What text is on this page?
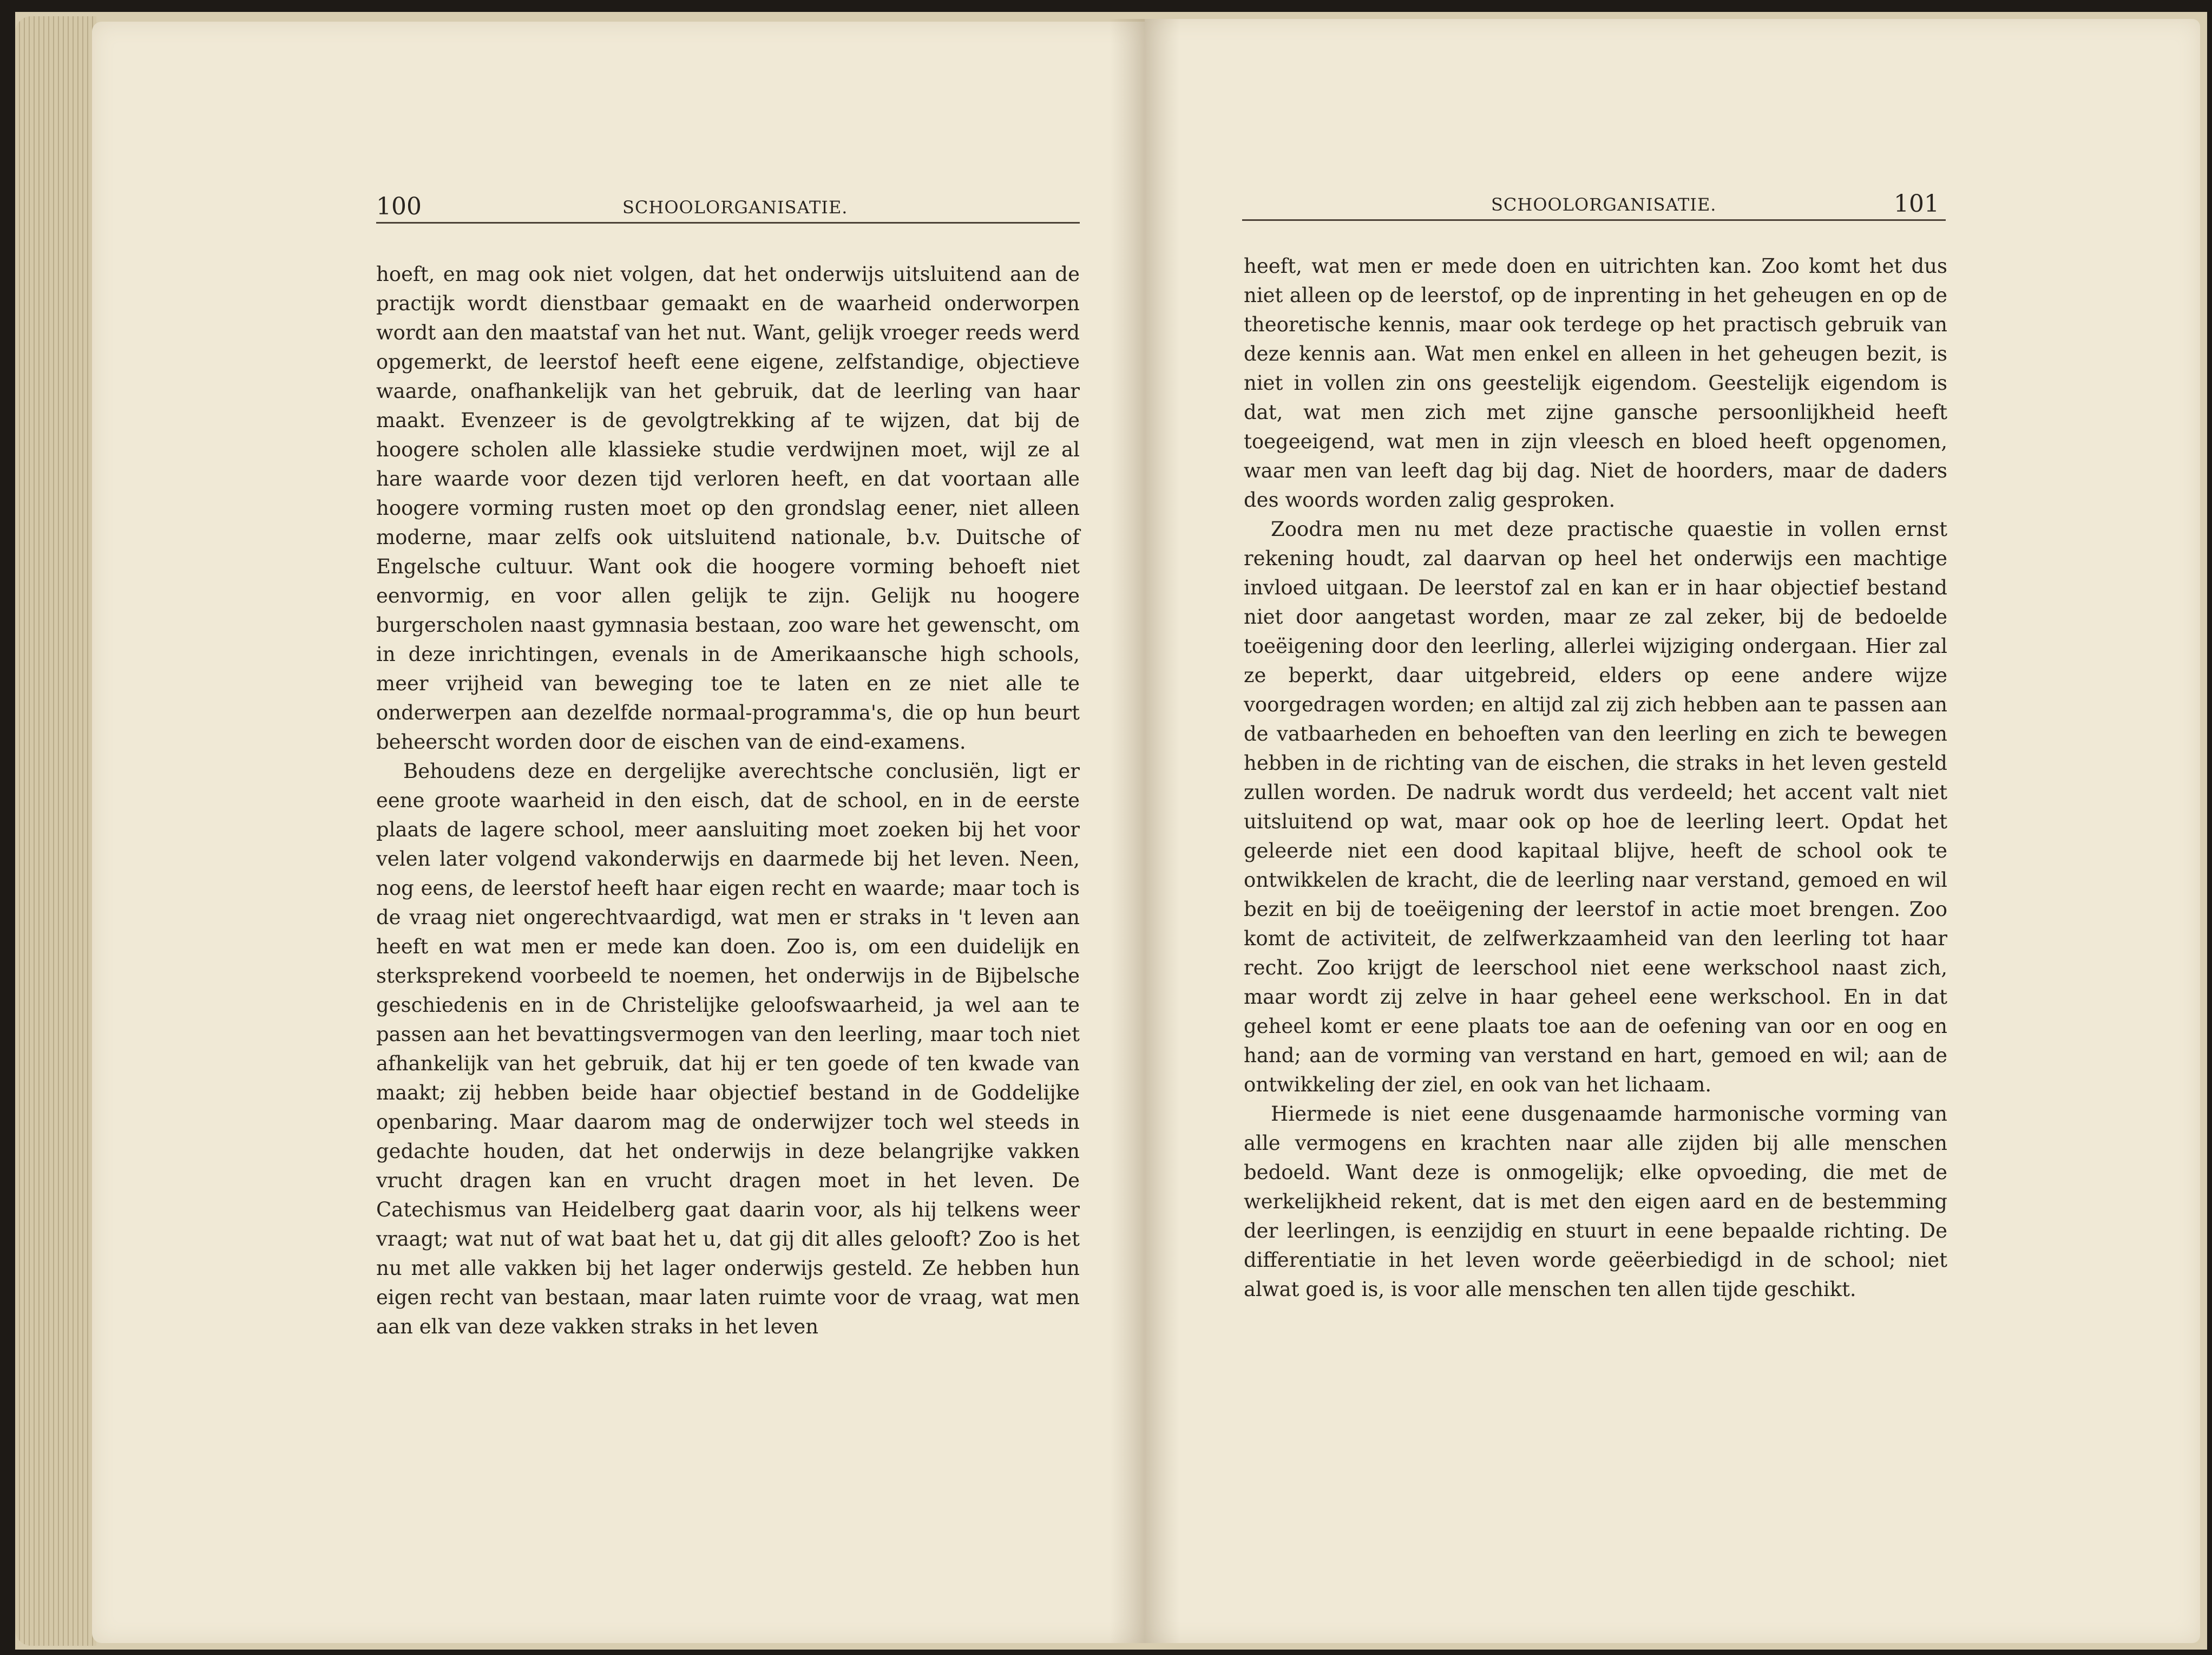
100	SCHOOLORGANISATIE.

hoeft, en mag ook niet volgen, dat het onderwijs uitsluitend aan de practijk wordt dienstbaar gemaakt en de waarheid onderworpen wordt aan den maatstaf van het nut. Want, gelijk vroeger reeds werd opgemerkt, de leerstof heeft eene eigene, zelfstandige, objectieve waarde, onafhankelijk van het gebruik, dat de leerling van haar maakt. Evenzeer is de gevolgtrekking af te wijzen, dat bij de hoogere scholen alle klassieke studie verdwijnen moet, wijl ze al hare waarde voor dezen tijd verloren heeft, en dat voortaan alle hoogere vorming rusten moet op den grondslag eener, niet alleen moderne, maar zelfs ook uitsluitend nationale, b.v. Duitsche of Engelsche cultuur. Want ook die hoogere vorming behoeft niet eenvormig, en voor allen gelijk te zijn. Gelijk nu hoogere burgerscholen naast gymnasia bestaan, zoo ware het gewenscht, om in deze inrichtingen, evenals in de Amerikaansche high schools, meer vrijheid van beweging toe te laten en ze niet alle te onderwerpen aan dezelfde normaal-programma's, die op hun beurt beheerscht worden door de eischen van de eind-examens.

Behoudens deze en dergelijke averechtsche conclusiën, ligt er eene groote waarheid in den eisch, dat de school, en in de eerste plaats de lagere school, meer aansluiting moet zoeken bij het voor velen later volgend vakonderwijs en daarmede bij het leven. Neen, nog eens, de leerstof heeft haar eigen recht en waarde; maar toch is de vraag niet ongerechtvaardigd, wat men er straks in 't leven aan heeft en wat men er mede kan doen. Zoo is, om een duidelijk en sterksprekend voorbeeld te noemen, het onderwijs in de Bijbelsche geschiedenis en in de Christelijke geloofswaarheid, ja wel aan te passen aan het bevattingsvermogen van den leerling, maar toch niet afhankelijk van het gebruik, dat hij er ten goede of ten kwade van maakt; zij hebben beide haar objectief bestand in de Goddelijke openbaring. Maar daarom mag de onderwijzer toch wel steeds in gedachte houden, dat het onderwijs in deze belangrijke vakken vrucht dragen kan en vrucht dragen moet in het leven. De Catechismus van Heidelberg gaat daarin voor, als hij telkens weer vraagt; wat nut of wat baat het u, dat gij dit alles gelooft? Zoo is het nu met alle vakken bij het lager onderwijs gesteld. Ze hebben hun eigen recht van bestaan, maar laten ruimte voor de vraag, wat men aan elk van deze vakken straks in het leven

SCHOOLORGANISATIE.	101

heeft, wat men er mede doen en uitrichten kan. Zoo komt het dus niet alleen op de leerstof, op de inprenting in het geheugen en op de theoretische kennis, maar ook terdege op het practisch gebruik van deze kennis aan. Wat men enkel en alleen in het geheugen bezit, is niet in vollen zin ons geestelijk eigendom. Geestelijk eigendom is dat, wat men zich met zijne gansche persoonlijkheid heeft toegeeigend, wat men in zijn vleesch en bloed heeft opgenomen, waar men van leeft dag bij dag. Niet de hoorders, maar de daders des woords worden zalig gesproken.

Zoodra men nu met deze practische quaestie in vollen ernst rekening houdt, zal daarvan op heel het onderwijs een machtige invloed uitgaan. De leerstof zal en kan er in haar objectief bestand niet door aangetast worden, maar ze zal zeker, bij de bedoelde toeëigening door den leerling, allerlei wijziging ondergaan. Hier zal ze beperkt, daar uitgebreid, elders op eene andere wijze voorgedragen worden; en altijd zal zij zich hebben aan te passen aan de vatbaarheden en behoeften van den leerling en zich te bewegen hebben in de richting van de eischen, die straks in het leven gesteld zullen worden. De nadruk wordt dus verdeeld; het accent valt niet uitsluitend op wat, maar ook op hoe de leerling leert. Opdat het geleerde niet een dood kapitaal blijve, heeft de school ook te ontwikkelen de kracht, die de leerling naar verstand, gemoed en wil bezit en bij de toeëigening der leerstof in actie moet brengen. Zoo komt de activiteit, de zelfwerkzaamheid van den leerling tot haar recht. Zoo krijgt de leerschool niet eene werkschool naast zich, maar wordt zij zelve in haar geheel eene werkschool. En in dat geheel komt er eene plaats toe aan de oefening van oor en oog en hand; aan de vorming van verstand en hart, gemoed en wil; aan de ontwikkeling der ziel, en ook van het lichaam.

Hiermede is niet eene dusgenaamde harmonische vorming van alle vermogens en krachten naar alle zijden bij alle menschen bedoeld. Want deze is onmogelijk; elke opvoeding, die met de werkelijkheid rekent, dat is met den eigen aard en de bestemming der leerlingen, is eenzijdig en stuurt in eene bepaalde richting. De differentiatie in het leven worde geëerbiedigd in de school; niet alwat goed is, is voor alle menschen ten allen tijde geschikt.
